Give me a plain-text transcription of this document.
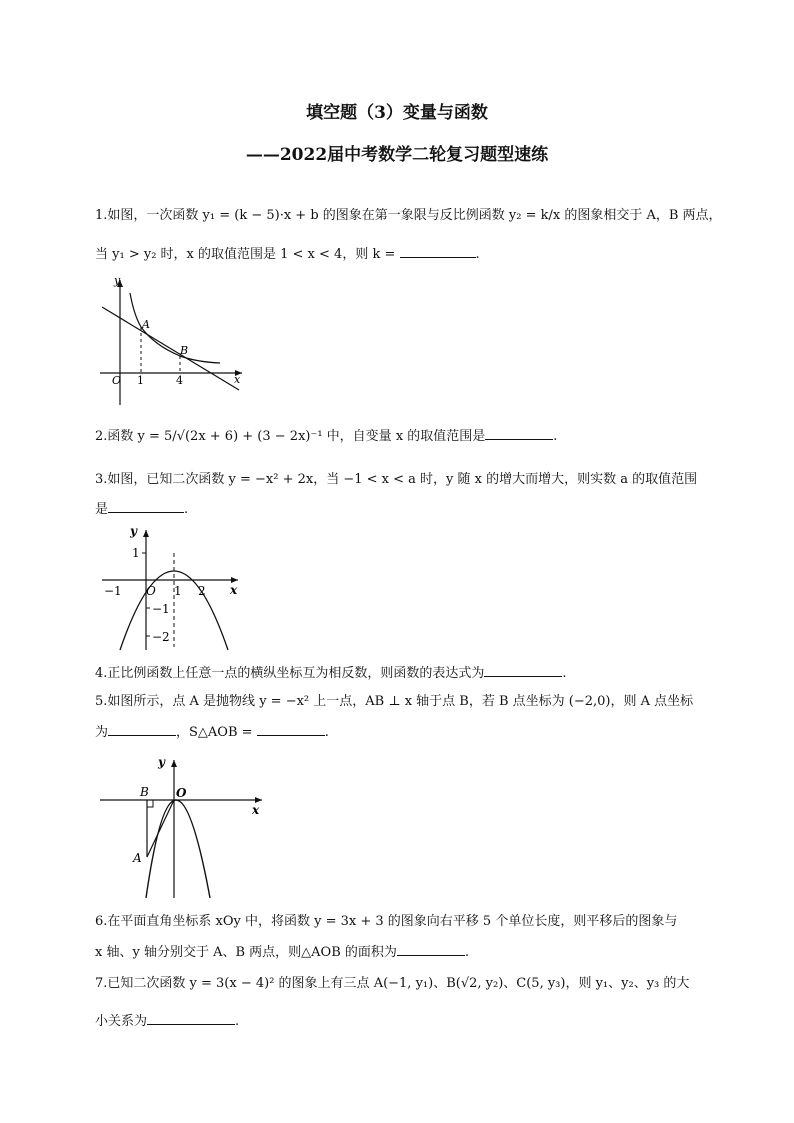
填空题（3）变量与函数
——2022届中考数学二轮复习题型速练
1.如图，一次函数 y₁ = (k − 5)·x + b 的图象在第一象限与反比例函数 y₂ = k/x 的图象相交于 A，B 两点，
当 y₁ > y₂ 时，x 的取值范围是 1 < x < 4，则 k =	.
y
x
A
B
O 1	4
2.函数 y = 5/√(2x + 6) + (3 − 2x)⁻¹ 中，自变量 x 的取值范围是	.
3.如图，已知二次函数 y = −x² + 2x，当 −1 < x < a 时，y 随 x 的增大而增大，则实数 a 的取值范围
是	.
y
x
O
−1	1 2
1
−1
−2
4.正比例函数上任意一点的横纵坐标互为相反数，则函数的表达式为	.
5.如图所示，点 A 是抛物线 y = −x² 上一点，AB ⊥ x 轴于点 B，若 B 点坐标为 (−2,0)，则 A 点坐标
为	，S△AOB =	.
y
x
O
B
A
6.在平面直角坐标系 xOy 中，将函数 y = 3x + 3 的图象向右平移 5 个单位长度，则平移后的图象与
x 轴、y 轴分别交于 A、B 两点，则△AOB 的面积为	.
7.已知二次函数 y = 3(x − 4)² 的图象上有三点 A(−1, y₁)、B(√2, y₂)、C(5, y₃)，则 y₁、y₂、y₃ 的大
小关系为	.
